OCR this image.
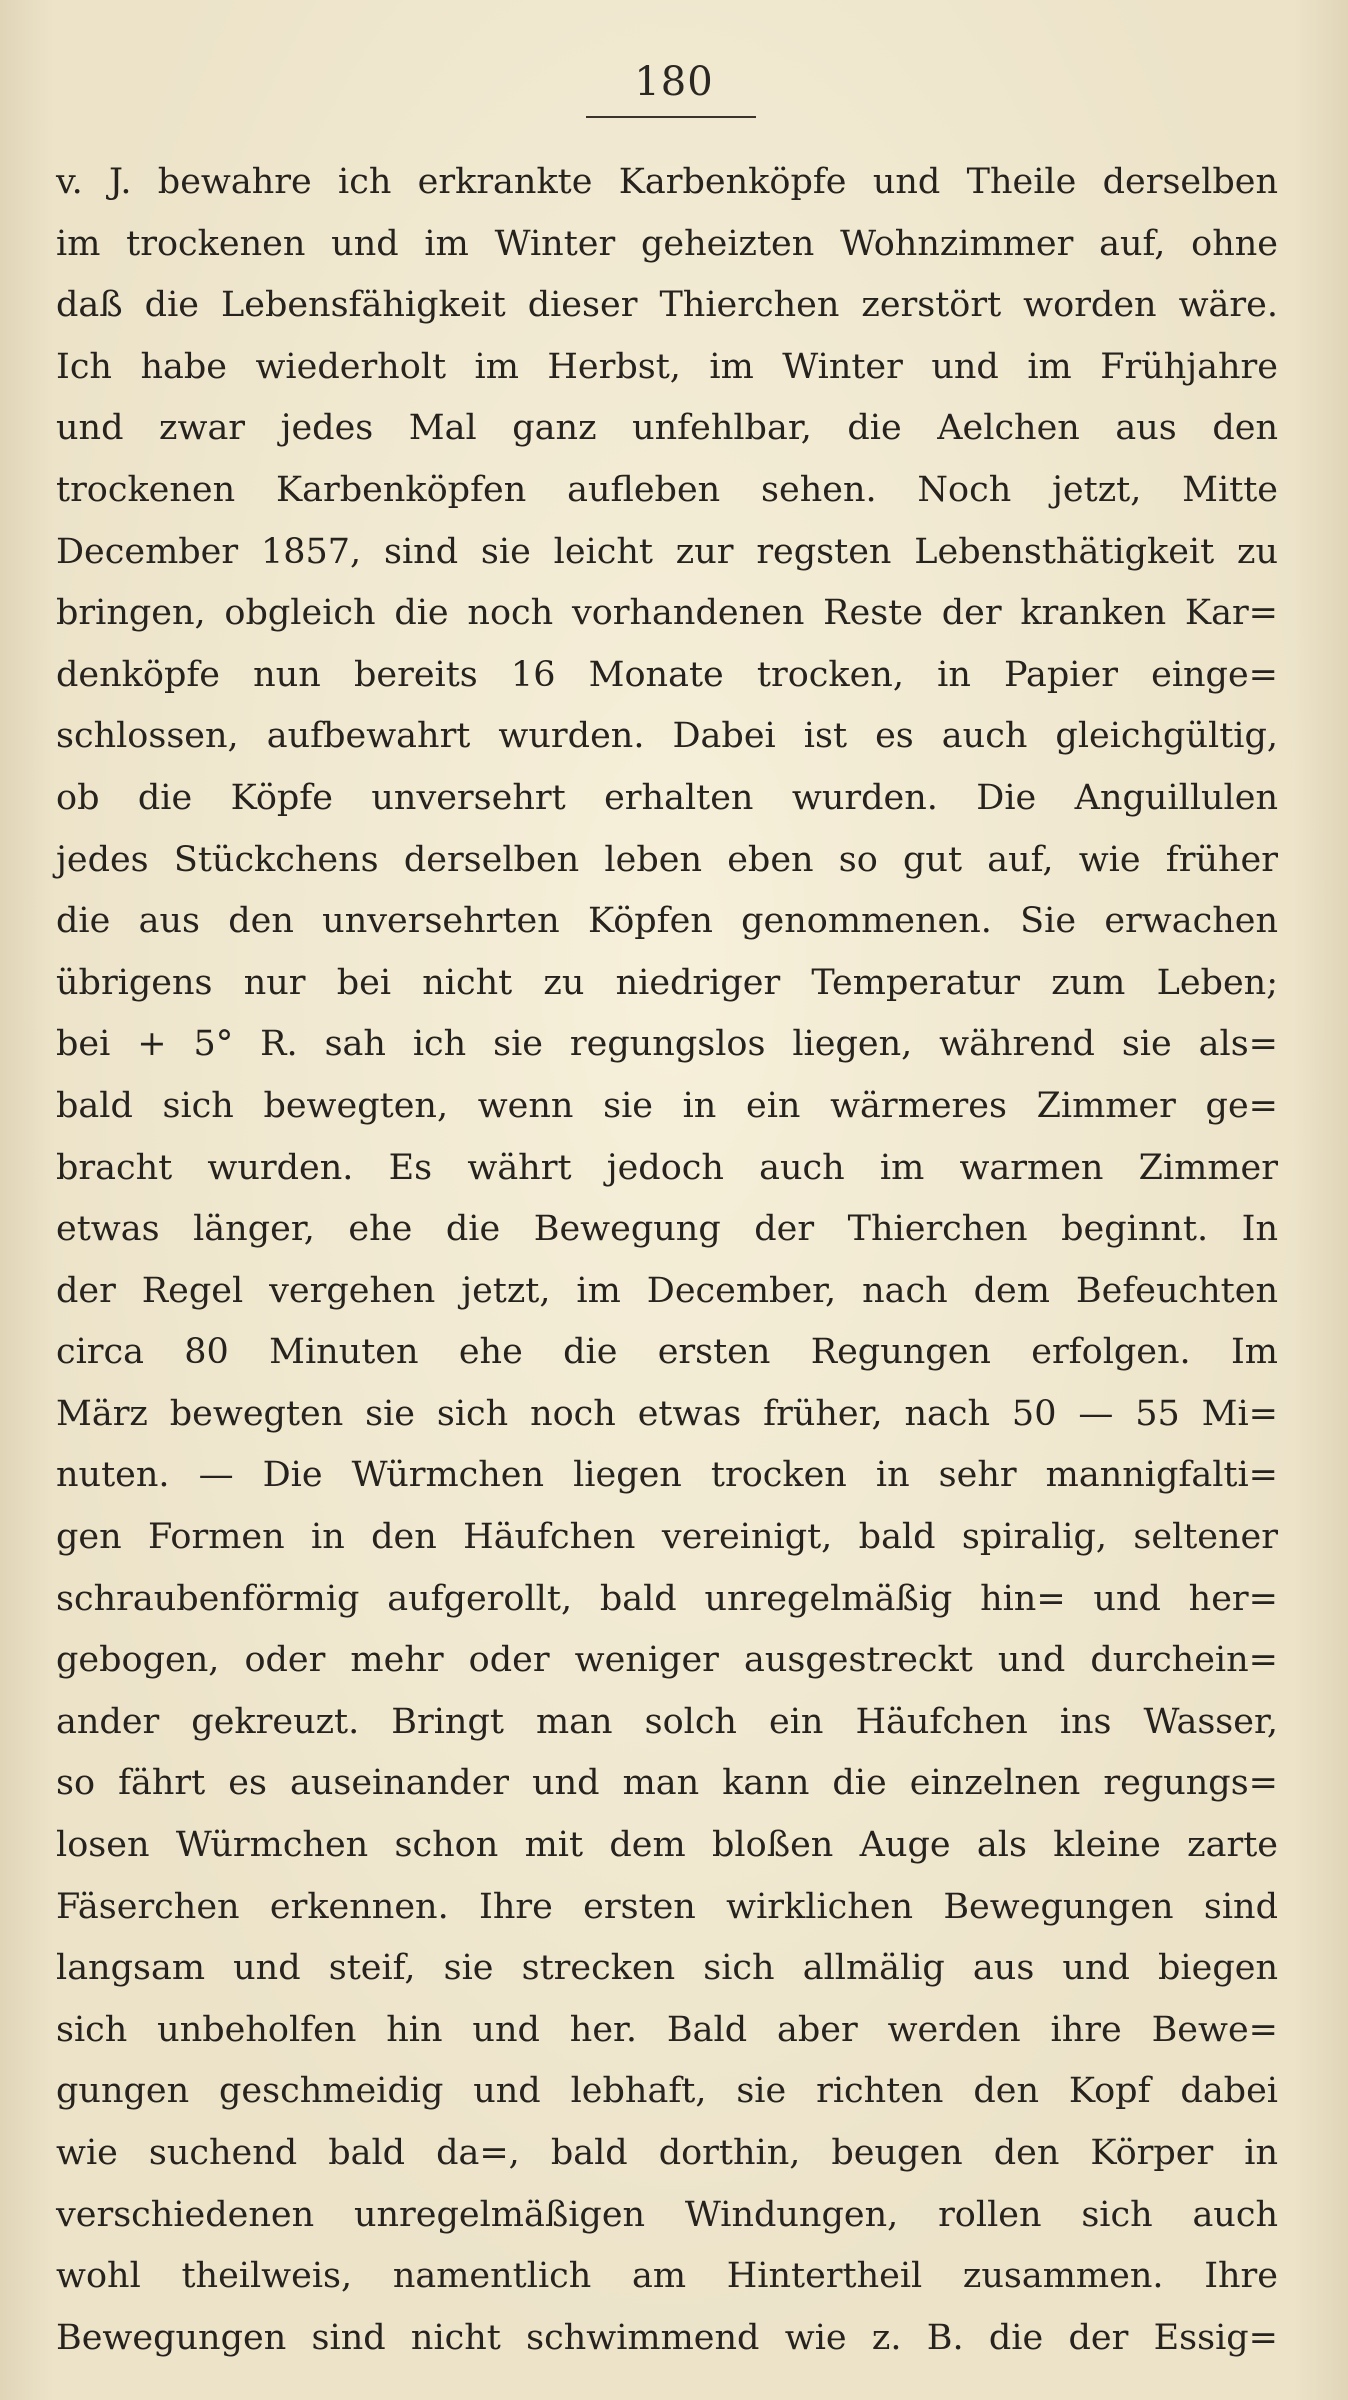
180
v. J. bewahre ich erkrankte Karbenköpfe und Theile derselben
im trockenen und im Winter geheizten Wohnzimmer auf, ohne
daß die Lebensfähigkeit dieser Thierchen zerstört worden wäre.
Ich habe wiederholt im Herbst, im Winter und im Frühjahre
und zwar jedes Mal ganz unfehlbar, die Aelchen aus den
trockenen Karbenköpfen aufleben sehen. Noch jetzt, Mitte
December 1857, sind sie leicht zur regsten Lebensthätigkeit zu
bringen, obgleich die noch vorhandenen Reste der kranken Kar=
denköpfe nun bereits 16 Monate trocken, in Papier einge=
schlossen, aufbewahrt wurden. Dabei ist es auch gleichgültig,
ob die Köpfe unversehrt erhalten wurden. Die Anguillulen
jedes Stückchens derselben leben eben so gut auf, wie früher
die aus den unversehrten Köpfen genommenen. Sie erwachen
übrigens nur bei nicht zu niedriger Temperatur zum Leben;
bei + 5° R. sah ich sie regungslos liegen, während sie als=
bald sich bewegten, wenn sie in ein wärmeres Zimmer ge=
bracht wurden. Es währt jedoch auch im warmen Zimmer
etwas länger, ehe die Bewegung der Thierchen beginnt. In
der Regel vergehen jetzt, im December, nach dem Befeuchten
circa 80 Minuten ehe die ersten Regungen erfolgen. Im
März bewegten sie sich noch etwas früher, nach 50 — 55 Mi=
nuten. — Die Würmchen liegen trocken in sehr mannigfalti=
gen Formen in den Häufchen vereinigt, bald spiralig, seltener
schraubenförmig aufgerollt, bald unregelmäßig hin= und her=
gebogen, oder mehr oder weniger ausgestreckt und durchein=
ander gekreuzt. Bringt man solch ein Häufchen ins Wasser,
so fährt es auseinander und man kann die einzelnen regungs=
losen Würmchen schon mit dem bloßen Auge als kleine zarte
Fäserchen erkennen. Ihre ersten wirklichen Bewegungen sind
langsam und steif, sie strecken sich allmälig aus und biegen
sich unbeholfen hin und her. Bald aber werden ihre Bewe=
gungen geschmeidig und lebhaft, sie richten den Kopf dabei
wie suchend bald da=, bald dorthin, beugen den Körper in
verschiedenen unregelmäßigen Windungen, rollen sich auch
wohl theilweis, namentlich am Hintertheil zusammen. Ihre
Bewegungen sind nicht schwimmend wie z. B. die der Essig=
